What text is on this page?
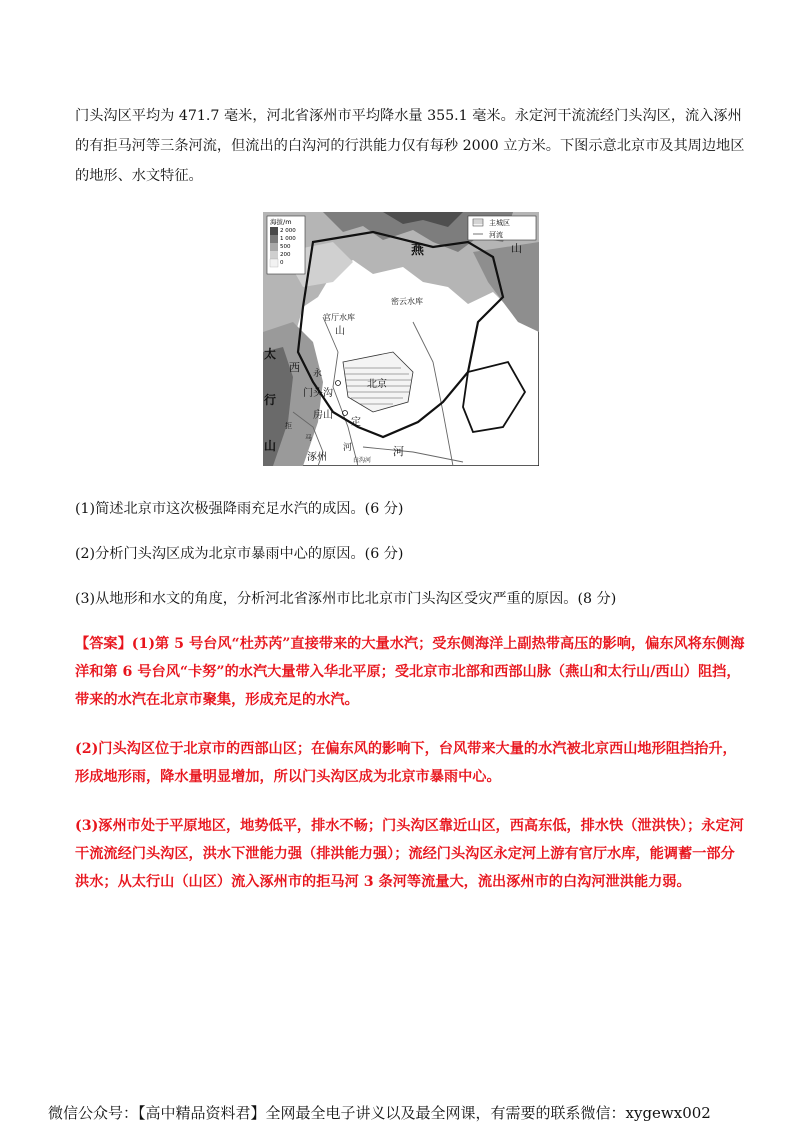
门头沟区平均为 471.7 毫米，河北省涿州市平均降水量 355.1 毫米。永定河干流流经门头沟区，流入涿州

的有拒马河等三条河流，但流出的白沟河的行洪能力仅有每秒 2000 立方米。下图示意北京市及其周边地区

的地形、水文特征。

海拔/m
2 000
1 000
500
200
0
主城区
河流
燕	山
密云水库
官厅水库
山
太
西
行
永
门头沟
北京
房山
拒
马
定
山
涿州
河
白沟河
河
(1)简述北京市这次极强降雨充足水汽的成因。(6 分)
(2)分析门头沟区成为北京市暴雨中心的原因。(6 分)
(3)从地形和水文的角度，分析河北省涿州市比北京市门头沟区受灾严重的原因。(8 分)

【答案】(1)第 5 号台风“杜苏芮”直接带来的大量水汽；受东侧海洋上副热带高压的影响，偏东风将东侧海

洋和第 6 号台风“卡努”的水汽大量带入华北平原；受北京市北部和西部山脉（燕山和太行山/西山）阻挡，

带来的水汽在北京市聚集，形成充足的水汽。

(2)门头沟区位于北京市的西部山区；在偏东风的影响下，台风带来大量的水汽被北京西山地形阻挡抬升，

形成地形雨，降水量明显增加，所以门头沟区成为北京市暴雨中心。

(3)涿州市处于平原地区，地势低平，排水不畅；门头沟区靠近山区，西高东低，排水快（泄洪快）；永定河

干流流经门头沟区，洪水下泄能力强（排洪能力强）；流经门头沟区永定河上游有官厅水库，能调蓄一部分

洪水；从太行山（山区）流入涿州市的拒马河 3 条河等流量大，流出涿州市的白沟河泄洪能力弱。

微信公众号：【高中精品资料君】全网最全电子讲义以及最全网课，有需要的联系微信：xygewx002
